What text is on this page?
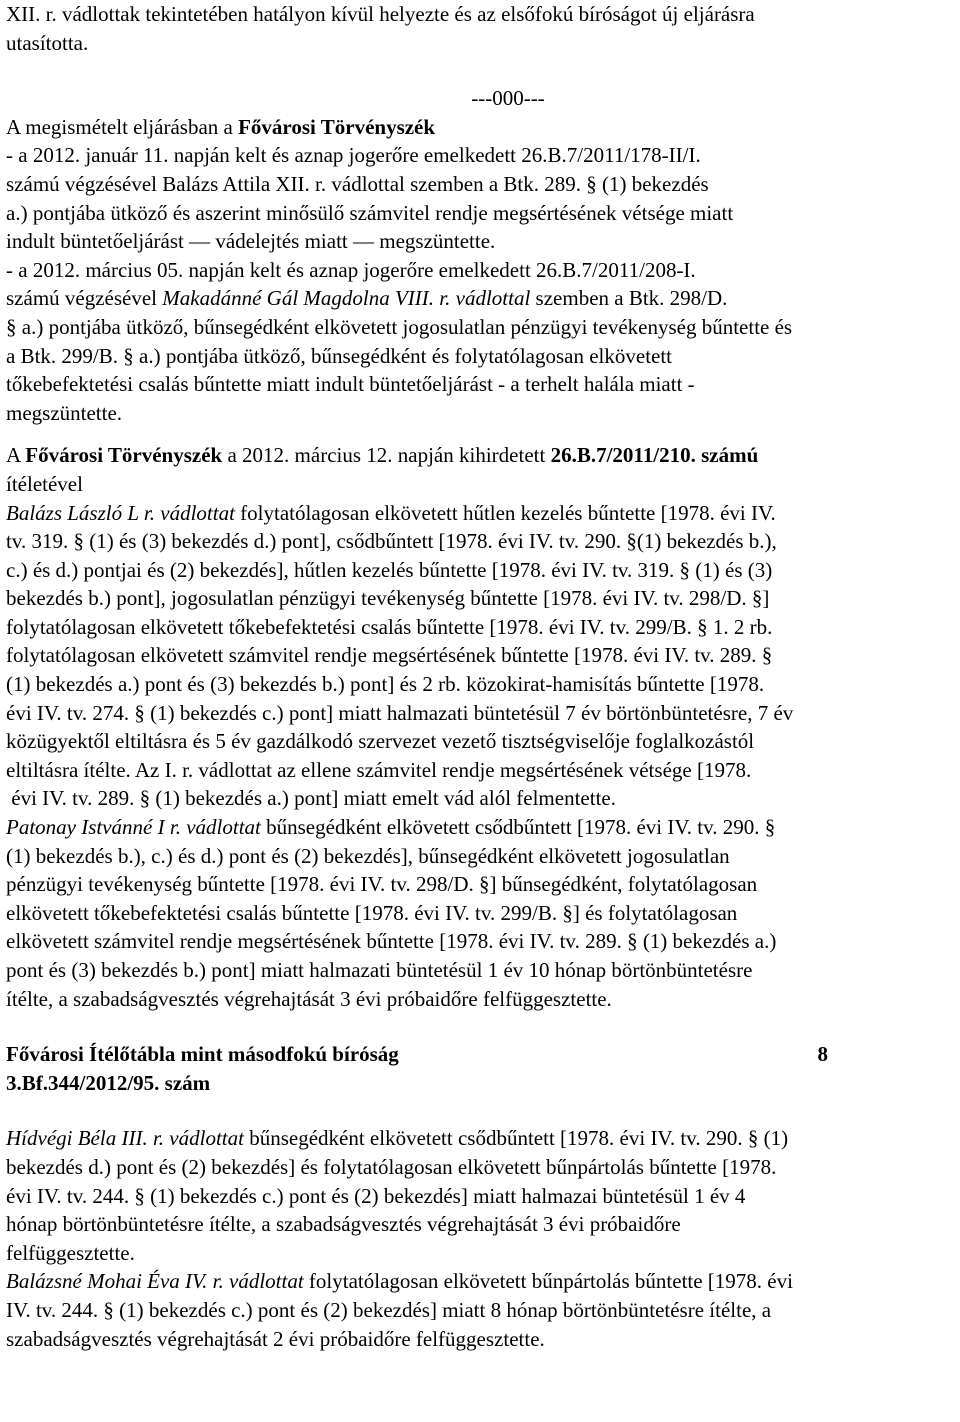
XII. r. vádlottak tekintetében hatályon kívül helyezte és az elsőfokú bíróságot új eljárásra
utasította.
---000---
A megismételt eljárásban a Fővárosi Törvényszék
- a 2012. január 11. napján kelt és aznap jogerőre emelkedett 26.B.7/2011/178-II/I.
számú végzésével Balázs Attila XII. r. vádlottal szemben a Btk. 289. § (1) bekezdés
a.) pontjába ütköző és aszerint minősülő számvitel rendje megsértésének vétsége miatt
indult büntetőeljárást — vádelejtés miatt — megszüntette.
- a 2012. március 05. napján kelt és aznap jogerőre emelkedett 26.B.7/2011/208-I.
számú végzésével Makadánné Gál Magdolna VIII. r. vádlottal szemben a Btk. 298/D.
§ a.) pontjába ütköző, bűnsegédként elkövetett jogosulatlan pénzügyi tevékenység bűntette és
a Btk. 299/B. § a.) pontjába ütköző, bűnsegédként és folytatólagosan elkövetett
tőkebefektetési csalás bűntette miatt indult büntetőeljárást - a terhelt halála miatt -
megszüntette.
A Fővárosi Törvényszék a 2012. március 12. napján kihirdetett 26.B.7/2011/210. számú
ítéletével
Balázs László L r. vádlottat folytatólagosan elkövetett hűtlen kezelés bűntette [1978. évi IV.
tv. 319. § (1) és (3) bekezdés d.) pont], csődbűntett [1978. évi IV. tv. 290. §(1) bekezdés b.),
c.) és d.) pontjai és (2) bekezdés], hűtlen kezelés bűntette [1978. évi IV. tv. 319. § (1) és (3)
bekezdés b.) pont], jogosulatlan pénzügyi tevékenység bűntette [1978. évi IV. tv. 298/D. §]
folytatólagosan elkövetett tőkebefektetési csalás bűntette [1978. évi IV. tv. 299/B. § 1. 2 rb.
folytatólagosan elkövetett számvitel rendje megsértésének bűntette [1978. évi IV. tv. 289. §
(1) bekezdés a.) pont és (3) bekezdés b.) pont] és 2 rb. közokirat-hamisítás bűntette [1978.
évi IV. tv. 274. § (1) bekezdés c.) pont] miatt halmazati büntetésül 7 év börtönbüntetésre, 7 év
közügyektől eltiltásra és 5 év gazdálkodó szervezet vezető tisztségviselője foglalkozástól
eltiltásra ítélte. Az I. r. vádlottat az ellene számvitel rendje megsértésének vétsége [1978.
évi IV. tv. 289. § (1) bekezdés a.) pont] miatt emelt vád alól felmentette.
Patonay Istvánné I r. vádlottat bűnsegédként elkövetett csődbűntett [1978. évi IV. tv. 290. §
(1) bekezdés b.), c.) és d.) pont és (2) bekezdés], bűnsegédként elkövetett jogosulatlan
pénzügyi tevékenység bűntette [1978. évi IV. tv. 298/D. §] bűnsegédként, folytatólagosan
elkövetett tőkebefektetési csalás bűntette [1978. évi IV. tv. 299/B. §] és folytatólagosan
elkövetett számvitel rendje megsértésének bűntette [1978. évi IV. tv. 289. § (1) bekezdés a.)
pont és (3) bekezdés b.) pont] miatt halmazati büntetésül 1 év 10 hónap börtönbüntetésre
ítélte, a szabadságvesztés végrehajtását 3 évi próbaidőre felfüggesztette.
Fővárosi Ítélőtábla mint másodfokú bíróság	8
3.Bf.344/2012/95. szám
Hídvégi Béla III. r. vádlottat bűnsegédként elkövetett csődbűntett [1978. évi IV. tv. 290. § (1)
bekezdés d.) pont és (2) bekezdés] és folytatólagosan elkövetett bűnpártolás bűntette [1978.
évi IV. tv. 244. § (1) bekezdés c.) pont és (2) bekezdés] miatt halmazai büntetésül 1 év 4
hónap börtönbüntetésre ítélte, a szabadságvesztés végrehajtását 3 évi próbaidőre
felfüggesztette.
Balázsné Mohai Éva IV. r. vádlottat folytatólagosan elkövetett bűnpártolás bűntette [1978. évi
IV. tv. 244. § (1) bekezdés c.) pont és (2) bekezdés] miatt 8 hónap börtönbüntetésre ítélte, a
szabadságvesztés végrehajtását 2 évi próbaidőre felfüggesztette.
